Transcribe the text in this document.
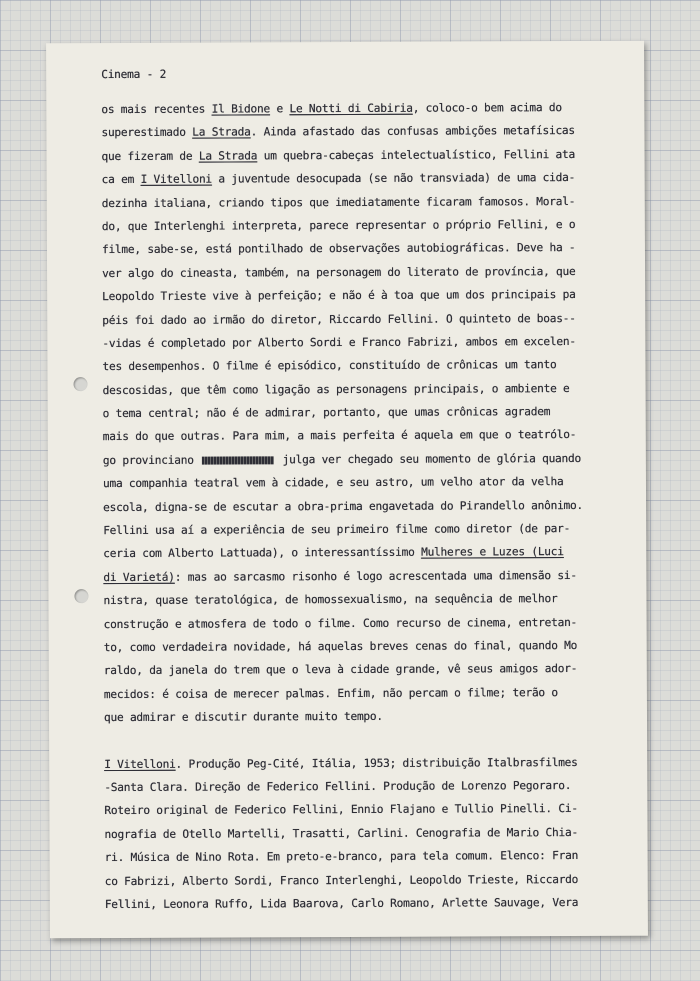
Cinema - 2
os mais recentes Il Bidone e Le Notti di Cabiria, coloco-o bem acima do
superestimado La Strada. Ainda afastado das confusas ambições metafísicas
que fizeram de La Strada um quebra-cabeças intelectualístico, Fellini ata
ca em I Vitelloni a juventude desocupada (se não transviada) de uma cida-
dezinha italiana, criando tipos que imediatamente ficaram famosos. Moral-
do, que Interlenghi interpreta, parece representar o próprio Fellini, e o
filme, sabe-se, está pontilhado de observações autobiográficas. Deve ha -
ver algo do cineasta, também, na personagem do literato de província, que
Leopoldo Trieste vive à perfeição; e não é à toa que um dos principais pa
péis foi dado ao irmão do diretor, Riccardo Fellini. O quinteto de boas--
-vidas é completado por Alberto Sordi e Franco Fabrizi, ambos em excelen-
tes desempenhos. O filme é episódico, constituído de crônicas um tanto
descosidas, que têm como ligação as personagens principais, o ambiente e
o tema central; não é de admirar, portanto, que umas crônicas agradem
mais do que outras. Para mim, a mais perfeita é aquela em que o teatrólo-
go provinciano	julga ver chegado seu momento de glória quando
uma companhia teatral vem à cidade, e seu astro, um velho ator da velha
escola, digna-se de escutar a obra-prima engavetada do Pirandello anônimo.
Fellini usa aí a experiência de seu primeiro filme como diretor (de par-
ceria com Alberto Lattuada), o interessantíssimo Mulheres e Luzes (Luci
di Varietá): mas ao sarcasmo risonho é logo acrescentada uma dimensão si-
nistra, quase teratológica, de homossexualismo, na sequência de melhor
construção e atmosfera de todo o filme. Como recurso de cinema, entretan-
to, como verdadeira novidade, há aquelas breves cenas do final, quando Mo
raldo, da janela do trem que o leva à cidade grande, vê seus amigos ador-
mecidos: é coisa de merecer palmas. Enfim, não percam o filme; terão o
que admirar e discutir durante muito tempo.
I Vitelloni. Produção Peg-Cité, Itália, 1953; distribuição Italbrasfilmes
-Santa Clara. Direção de Federico Fellini. Produção de Lorenzo Pegoraro.
Roteiro original de Federico Fellini, Ennio Flajano e Tullio Pinelli. Ci-
nografia de Otello Martelli, Trasatti, Carlini. Cenografia de Mario Chia-
ri. Música de Nino Rota. Em preto-e-branco, para tela comum. Elenco: Fran
co Fabrizi, Alberto Sordi, Franco Interlenghi, Leopoldo Trieste, Riccardo
Fellini, Leonora Ruffo, Lida Baarova, Carlo Romano, Arlette Sauvage, Vera
